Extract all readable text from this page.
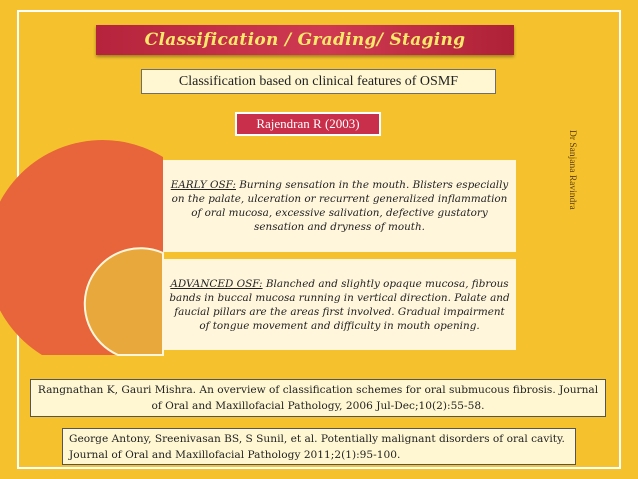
Classification / Grading/ Staging
Classification based on clinical features of OSMF
Rajendran R (2003)
Dr Sanjana Ravindra
EARLY OSF: Burning sensation in the mouth. Blisters especially on the palate, ulceration or recurrent generalized inflammation of oral mucosa, excessive salivation, defective gustatory sensation and dryness of mouth.
ADVANCED OSF: Blanched and slightly opaque mucosa, fibrous bands in buccal mucosa running in vertical direction. Palate and faucial pillars are the areas first involved. Gradual impairment of tongue movement and difficulty in mouth opening.
Rangnathan K, Gauri Mishra. An overview of classification schemes for oral submucous fibrosis. Journal of Oral and Maxillofacial Pathology, 2006 Jul-Dec;10(2):55-58.
George Antony, Sreenivasan BS, S Sunil, et al. Potentially malignant disorders of oral cavity. Journal of Oral and Maxillofacial Pathology 2011;2(1):95-100.
